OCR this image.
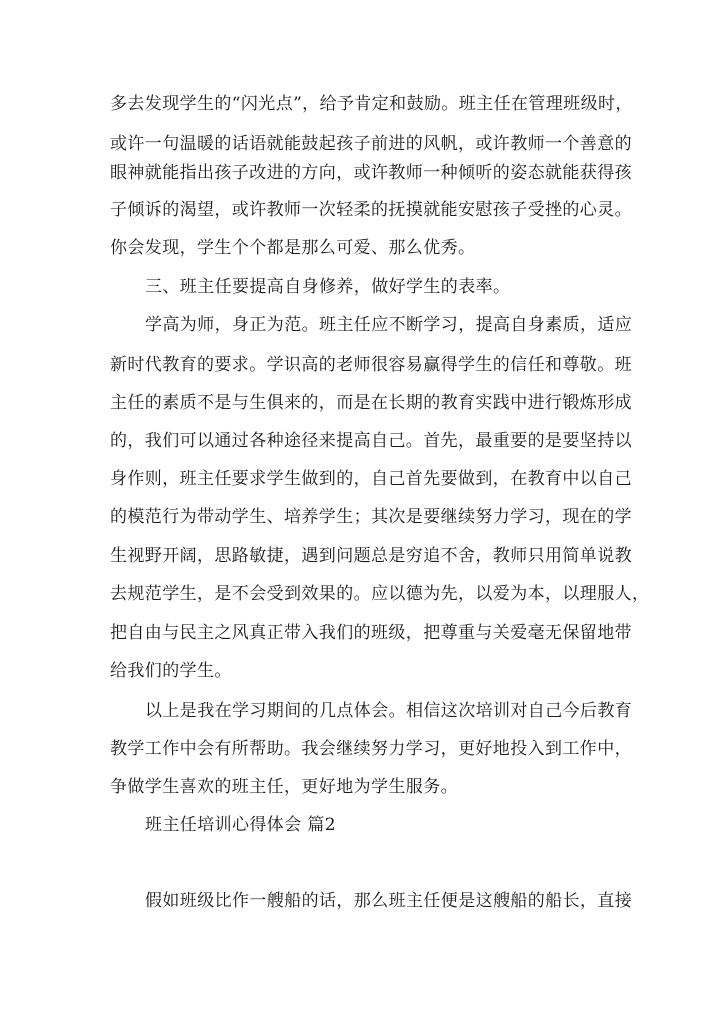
多去发现学生的“闪光点”，给予肯定和鼓励。班主任在管理班级时，
或许一句温暖的话语就能鼓起孩子前进的风帆，或许教师一个善意的
眼神就能指出孩子改进的方向，或许教师一种倾听的姿态就能获得孩
子倾诉的渴望，或许教师一次轻柔的抚摸就能安慰孩子受挫的心灵。
你会发现，学生个个都是那么可爱、那么优秀。
三、班主任要提高自身修养，做好学生的表率。
学高为师，身正为范。班主任应不断学习，提高自身素质，适应
新时代教育的要求。学识高的老师很容易赢得学生的信任和尊敬。班
主任的素质不是与生俱来的，而是在长期的教育实践中进行锻炼形成
的，我们可以通过各种途径来提高自己。首先，最重要的是要坚持以
身作则，班主任要求学生做到的，自己首先要做到，在教育中以自己
的模范行为带动学生、培养学生；其次是要继续努力学习，现在的学
生视野开阔，思路敏捷，遇到问题总是穷追不舍，教师只用简单说教
去规范学生，是不会受到效果的。应以德为先，以爱为本，以理服人，
把自由与民主之风真正带入我们的班级，把尊重与关爱毫无保留地带
给我们的学生。
以上是我在学习期间的几点体会。相信这次培训对自己今后教育
教学工作中会有所帮助。我会继续努力学习，更好地投入到工作中，
争做学生喜欢的班主任，更好地为学生服务。
班主任培训心得体会 篇2
假如班级比作一艘船的话，那么班主任便是这艘船的船长，直接
